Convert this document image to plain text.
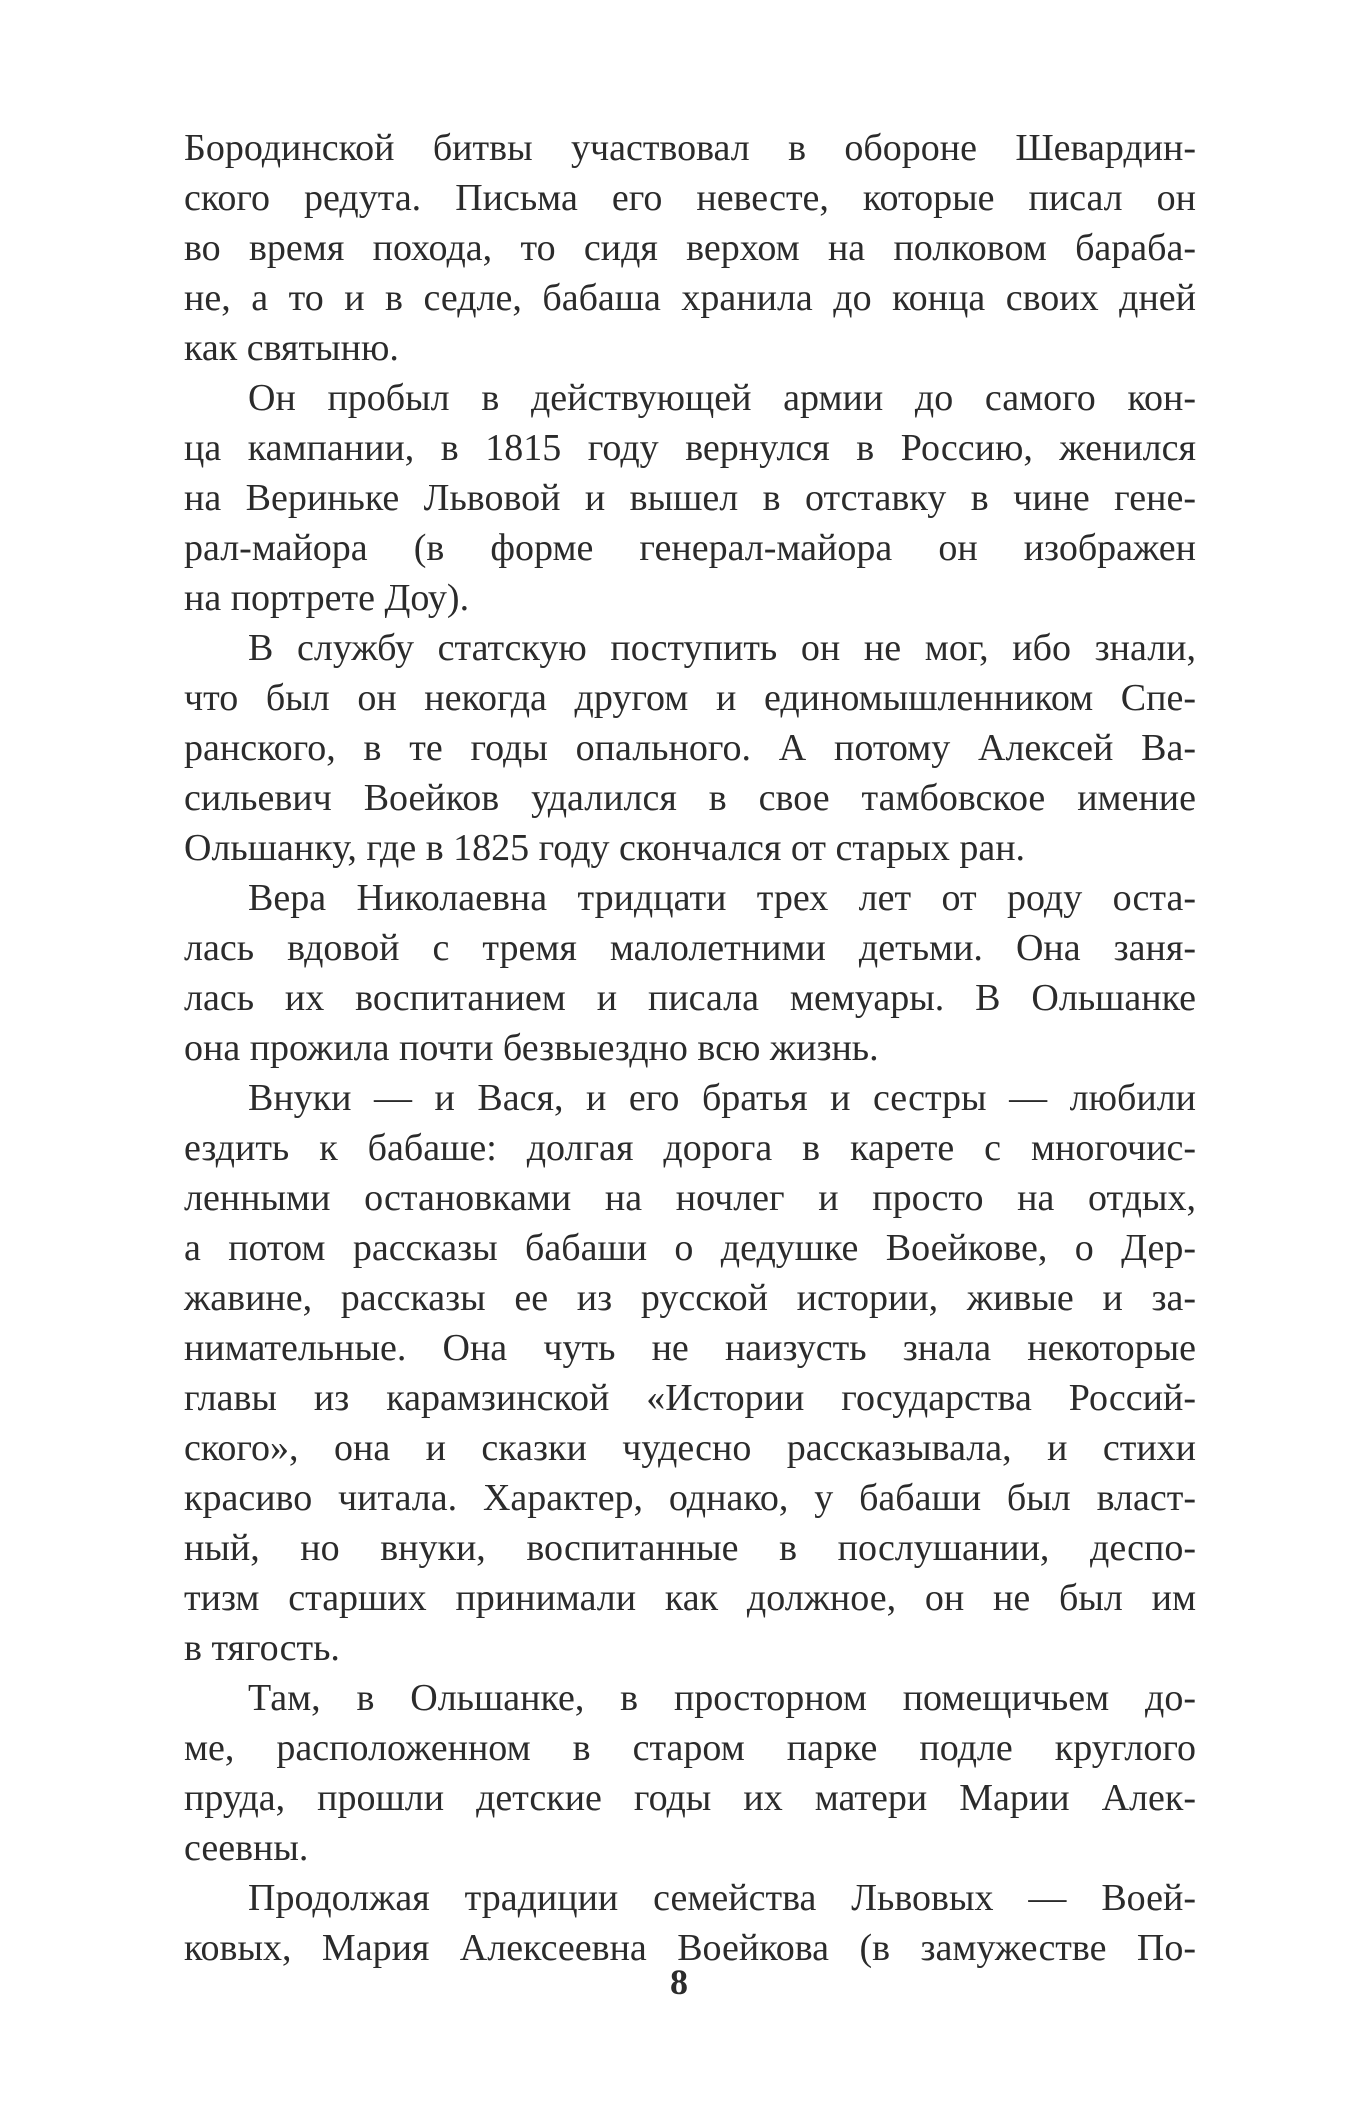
Бородинской битвы участвовал в обороне Шевардин-
ского редута. Письма его невесте, которые писал он
во время похода, то сидя верхом на полковом бараба-
не, а то и в седле, бабаша хранила до конца своих дней
как святыню.
Он пробыл в действующей армии до самого кон-
ца кампании, в 1815 году вернулся в Россию, женился
на Вериньке Львовой и вышел в отставку в чине гене-
рал-майора (в форме генерал-майора он изображен
на портрете Доу).
В службу статскую поступить он не мог, ибо знали,
что был он некогда другом и единомышленником Спе-
ранского, в те годы опального. А потому Алексей Ва-
сильевич Воейков удалился в свое тамбовское имение
Ольшанку, где в 1825 году скончался от старых ран.
Вера Николаевна тридцати трех лет от роду оста-
лась вдовой с тремя малолетними детьми. Она заня-
лась их воспитанием и писала мемуары. В Ольшанке
она прожила почти безвыездно всю жизнь.
Внуки — и Вася, и его братья и сестры — любили
ездить к бабаше: долгая дорога в карете с многочис-
ленными остановками на ночлег и просто на отдых,
а потом рассказы бабаши о дедушке Воейкове, о Дер-
жавине, рассказы ее из русской истории, живые и за-
нимательные. Она чуть не наизусть знала некоторые
главы из карамзинской «Истории государства Россий-
ского», она и сказки чудесно рассказывала, и стихи
красиво читала. Характер, однако, у бабаши был власт-
ный, но внуки, воспитанные в послушании, деспо-
тизм старших принимали как должное, он не был им
в тягость.
Там, в Ольшанке, в просторном помещичьем до-
ме, расположенном в старом парке подле круглого
пруда, прошли детские годы их матери Марии Алек-
сеевны.
Продолжая традиции семейства Львовых — Воей-
ковых, Мария Алексеевна Воейкова (в замужестве По-
8
